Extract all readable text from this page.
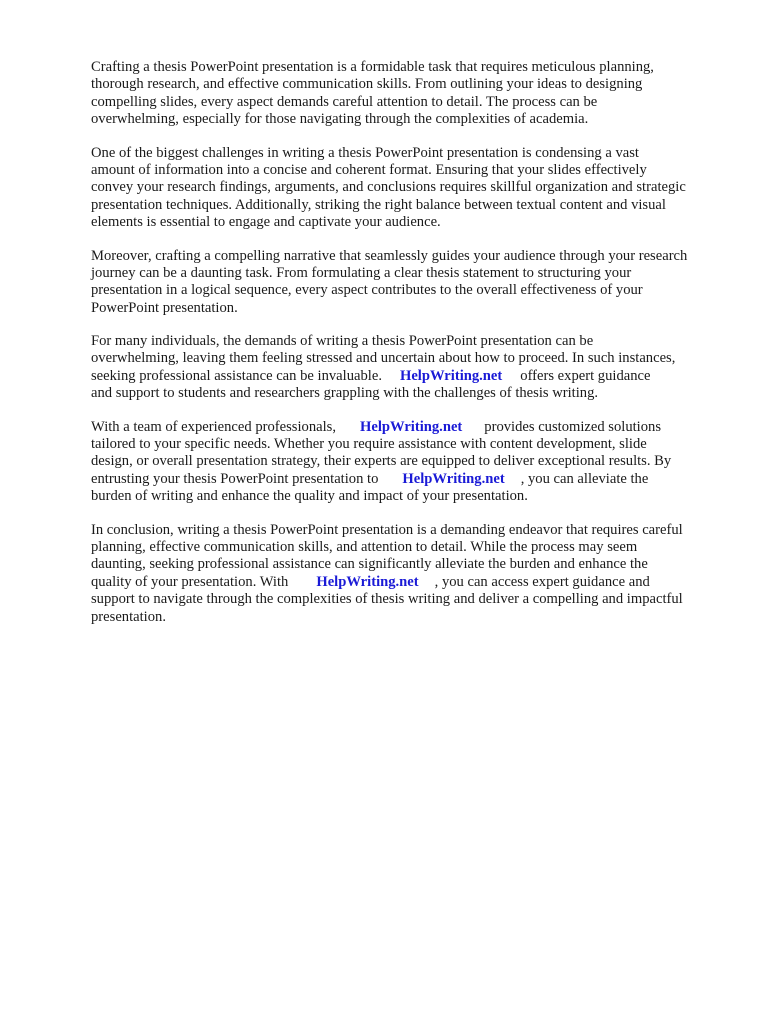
Crafting a thesis PowerPoint presentation is a formidable task that requires meticulous planning,
thorough research, and effective communication skills. From outlining your ideas to designing
compelling slides, every aspect demands careful attention to detail. The process can be
overwhelming, especially for those navigating through the complexities of academia.

One of the biggest challenges in writing a thesis PowerPoint presentation is condensing a vast
amount of information into a concise and coherent format. Ensuring that your slides effectively
convey your research findings, arguments, and conclusions requires skillful organization and strategic
presentation techniques. Additionally, striking the right balance between textual content and visual
elements is essential to engage and captivate your audience.

Moreover, crafting a compelling narrative that seamlessly guides your audience through your research
journey can be a daunting task. From formulating a clear thesis statement to structuring your
presentation in a logical sequence, every aspect contributes to the overall effectiveness of your
PowerPoint presentation.

For many individuals, the demands of writing a thesis PowerPoint presentation can be
overwhelming, leaving them feeling stressed and uncertain about how to proceed. In such instances,
seeking professional assistance can be invaluable. HelpWriting.net offers expert guidance
and support to students and researchers grappling with the challenges of thesis writing.

With a team of experienced professionals, HelpWriting.net provides customized solutions
tailored to your specific needs. Whether you require assistance with content development, slide
design, or overall presentation strategy, their experts are equipped to deliver exceptional results. By
entrusting your thesis PowerPoint presentation to HelpWriting.net , you can alleviate the
burden of writing and enhance the quality and impact of your presentation.

In conclusion, writing a thesis PowerPoint presentation is a demanding endeavor that requires careful
planning, effective communication skills, and attention to detail. While the process may seem
daunting, seeking professional assistance can significantly alleviate the burden and enhance the
quality of your presentation. With HelpWriting.net , you can access expert guidance and
support to navigate through the complexities of thesis writing and deliver a compelling and impactful
presentation.
